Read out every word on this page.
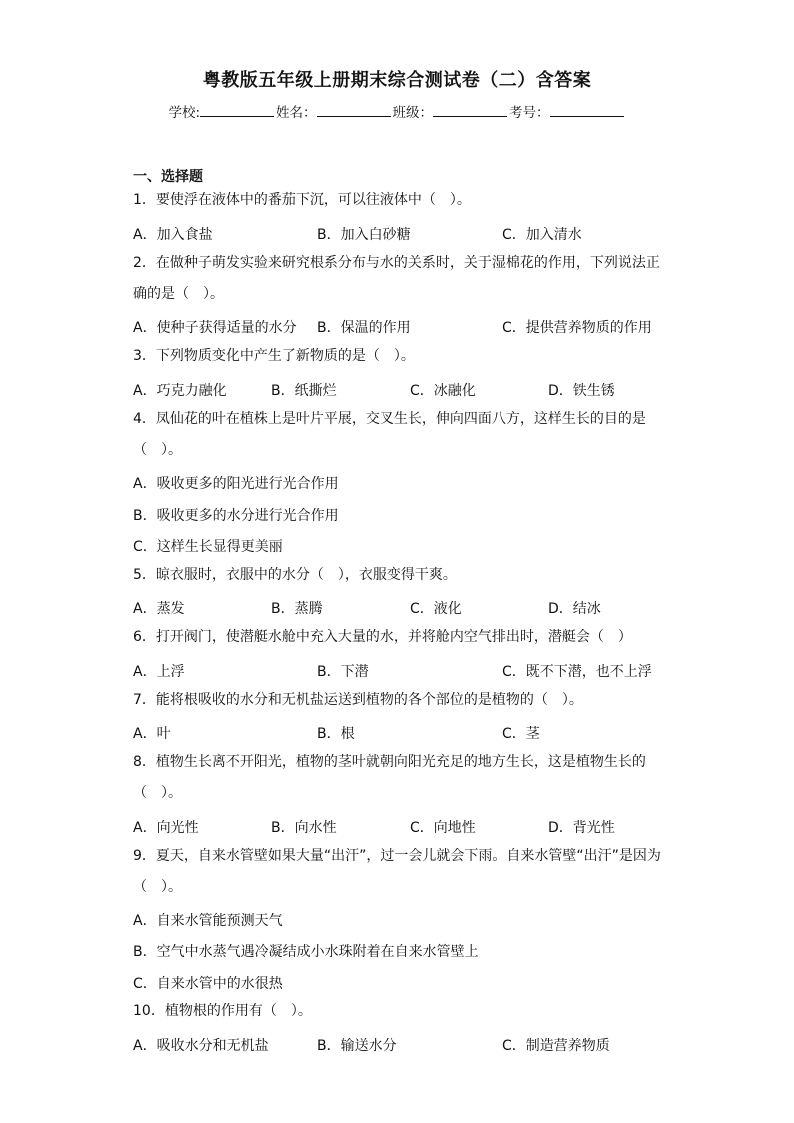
粤教版五年级上册期末综合测试卷（二）含答案
学校:	姓名：	班级：	考号：
一、选择题
1．要使浮在液体中的番茄下沉，可以往液体中（　）。
A．加入食盐	B．加入白砂糖	C．加入清水
2．在做种子萌发实验来研究根系分布与水的关系时，关于湿棉花的作用，下列说法正
确的是（　）。
A．使种子获得适量的水分 B．保温的作用	C．提供营养物质的作用
3．下列物质变化中产生了新物质的是（　）。
A．巧克力融化	B．纸撕烂	C．冰融化	D．铁生锈
4．凤仙花的叶在植株上是叶片平展，交叉生长，伸向四面八方，这样生长的目的是
（　）。
A．吸收更多的阳光进行光合作用
B．吸收更多的水分进行光合作用
C．这样生长显得更美丽
5．晾衣服时，衣服中的水分（　），衣服变得干爽。
A．蒸发	B．蒸腾	C．液化	D．结冰
6．打开阀门，使潜艇水舱中充入大量的水，并将舱内空气排出时，潜艇会（　）
A．上浮	B．下潜	C．既不下潜，也不上浮
7．能将根吸收的水分和无机盐运送到植物的各个部位的是植物的（　）。
A．叶	B．根	C．茎
8．植物生长离不开阳光，植物的茎叶就朝向阳光充足的地方生长，这是植物生长的
（　）。
A．向光性	B．向水性	C．向地性	D．背光性
9．夏天，自来水管壁如果大量“出汗”，过一会儿就会下雨。自来水管壁“出汗”是因为
（　）。
A．自来水管能预测天气
B．空气中水蒸气遇冷凝结成小水珠附着在自来水管壁上
C．自来水管中的水很热
10．植物根的作用有（　）。
A．吸收水分和无机盐	B．输送水分	C．制造营养物质
